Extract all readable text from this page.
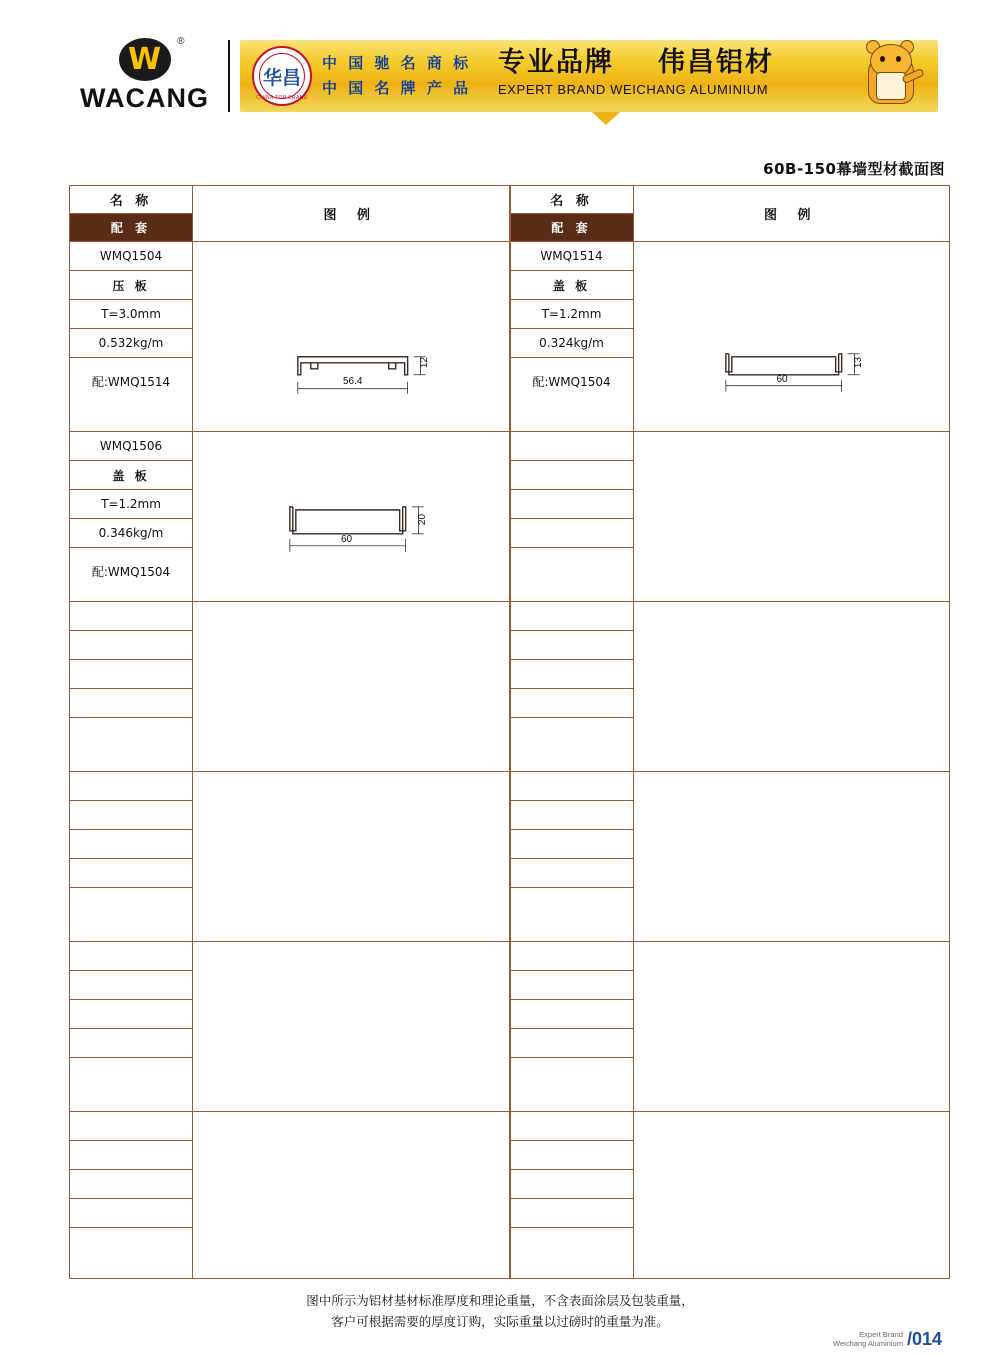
W ®
WACANG
华昌
CHINA TOP BRAND
中 国 驰 名 商 标
中 国 名 牌 产 品
专业品牌 伟昌铝材
EXPERT BRAND WEICHANG ALUMINIUM
60B-150幕墙型材截面图
名 称
配 套
图 例
WMQ1504
压 板
T=3.0mm
0.532kg/m
配:WMQ1514	56.4
12
WMQ1506
盖 板
T=1.2mm
0.346kg/m
配:WMQ1504
60
20
名 称
配 套
图 例
WMQ1514
盖 板
T=1.2mm
0.324kg/m
配:WMQ1504	60
13
图中所示为铝材基材标准厚度和理论重量，不含表面涂层及包装重量，
客户可根据需要的厚度订购，实际重量以过磅时的重量为准。
Expert Brand
Weichang Aluminium /014
